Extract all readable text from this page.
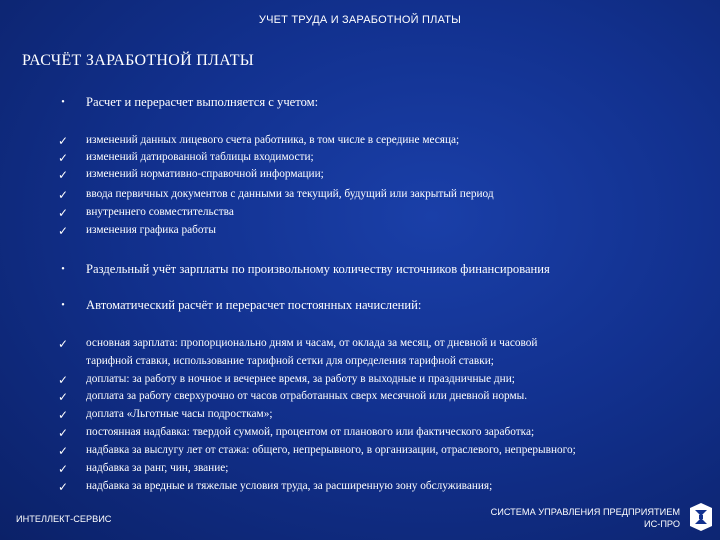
УЧЕТ ТРУДА И ЗАРАБОТНОЙ ПЛАТЫ
РАСЧЁТ ЗАРАБОТНОЙ ПЛАТЫ
•	Расчет и перерасчет выполняется с учетом:
✓ изменений данных лицевого счета работника, в том числе в середине месяца;
✓ изменений датированной таблицы входимости;
✓ изменений нормативно-справочной информации;
✓ ввода первичных документов с данными за текущий, будущий или закрытый период
✓ внутреннего совместительства
✓ изменения графика работы
•	Раздельный учёт зарплаты по произвольному количеству источников финансирования
•	Автоматический расчёт и перерасчет постоянных начислений:
✓ основная зарплата: пропорционально дням и часам, от оклада за месяц, от дневной и часовой
тарифной ставки, использование тарифной сетки для определения тарифной ставки;
✓ доплаты: за работу в ночное и вечернее время, за работу в выходные и праздничные дни;
✓ доплата за работу сверхурочно от часов отработанных сверх месячной или дневной нормы.
✓ доплата «Льготные часы подросткам»;
✓ постоянная надбавка: твердой суммой, процентом от планового или фактического заработка;
✓ надбавка за выслугу лет от стажа: общего, непрерывного, в организации, отраслевого, непрерывного;
✓ надбавка за ранг, чин, звание;
✓ надбавка за вредные и тяжелые условия труда, за расширенную зону обслуживания;
ИНТЕЛЛЕКТ-СЕРВИС
СИСТЕМА УПРАВЛЕНИЯ ПРЕДПРИЯТИЕМ
ИС-ПРО
